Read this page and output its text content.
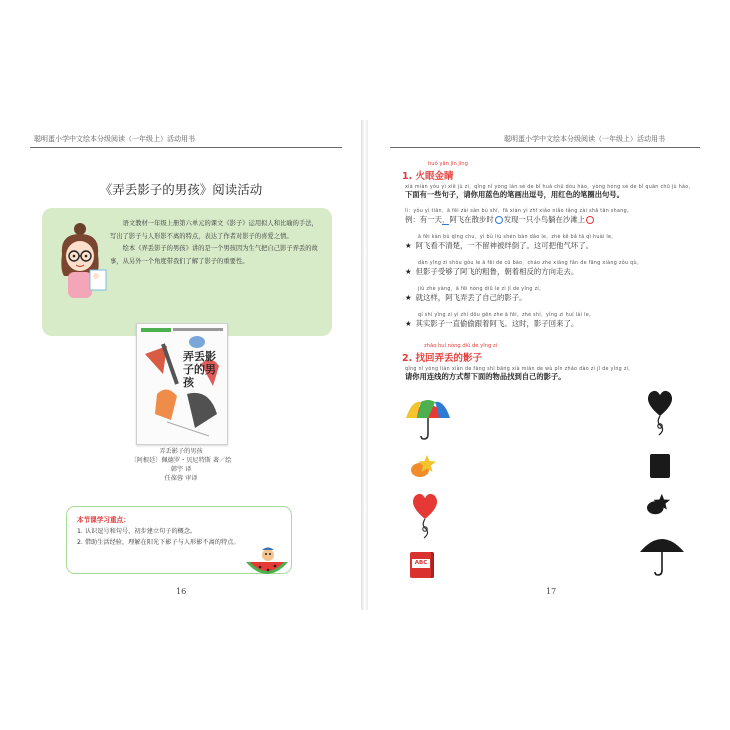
聪明蛋小学中文绘本分级阅读（一年级上）活动用书
《弄丢影子的男孩》阅读活动

语文教材一年级上册第六单元的课文《影子》运用拟人和比喻的手法，写出了影子与人形影不离的特点，表达了作者对影子的喜爱之情。

绘本《弄丢影子的男孩》讲的是一个男孩因为生气把自己影子弄丢的故事，从另外一个角度带我们了解了影子的重要性。

弄丢影子的男孩
弄丢影子的男孩
〔阿根廷〕佩德罗・贝尼特斯 著／绘
韩宇 译
任葆蓉 审译
本节课学习重点：
1. 认识逗号和句号，初步建立句子的概念。
2. 借助生活经验，理解在阳光下影子与人形影不离的特点。
16
聪明蛋小学中文绘本分级阅读（一年级上）活动用书
17
huǒ yǎn jīn jīng
1. 火眼金睛
xià miàn yǒu yì xiē jù zi，qǐng nǐ yòng lán sè de bǐ huà chū dòu hào，yòng hóng sè de bǐ quān chū jù hào。
下面有一些句子，请你用蓝色的笔画出逗号，用红色的笔圈出句号。
lì：yǒu yì tiān，ā fēi zài sàn bù shí，fā xiàn yì zhī xiǎo niǎo tǎng zài shā tān shang。
例：有一天，阿飞在散步时 发现一只小鸟躺在沙滩上
ā fēi kàn bù qīng chu，yì bù liú shén bàn dǎo le。zhè kě bǎ tā qì huài le。
★ 阿飞看不清楚，一不留神被绊倒了。这可把他气坏了。
dàn yǐng zi shòu gòu le ā fēi de cū bào，cháo zhe xiāng fǎn de fāng xiàng zǒu qù。
★ 但影子受够了阿飞的粗鲁，朝着相反的方向走去。
jiù zhè yàng，ā fēi nòng diū le zì jǐ de yǐng zi。
★ 就这样，阿飞弄丢了自己的影子。
qí shí yǐng zi yì zhí dōu gēn zhe ā fēi。zhè shí，yǐng zi huí lái le。
★ 其实影子一直偷偷跟着阿飞。这时，影子回来了。
zhǎo huí nòng diū de yǐng zi
2. 找回弄丢的影子
qǐng nǐ yòng lián xiàn de fāng shì bāng xià miàn de wù pǐn zhǎo dào zì jǐ de yǐng zi。
请你用连线的方式帮下面的物品找到自己的影子。
ABC
